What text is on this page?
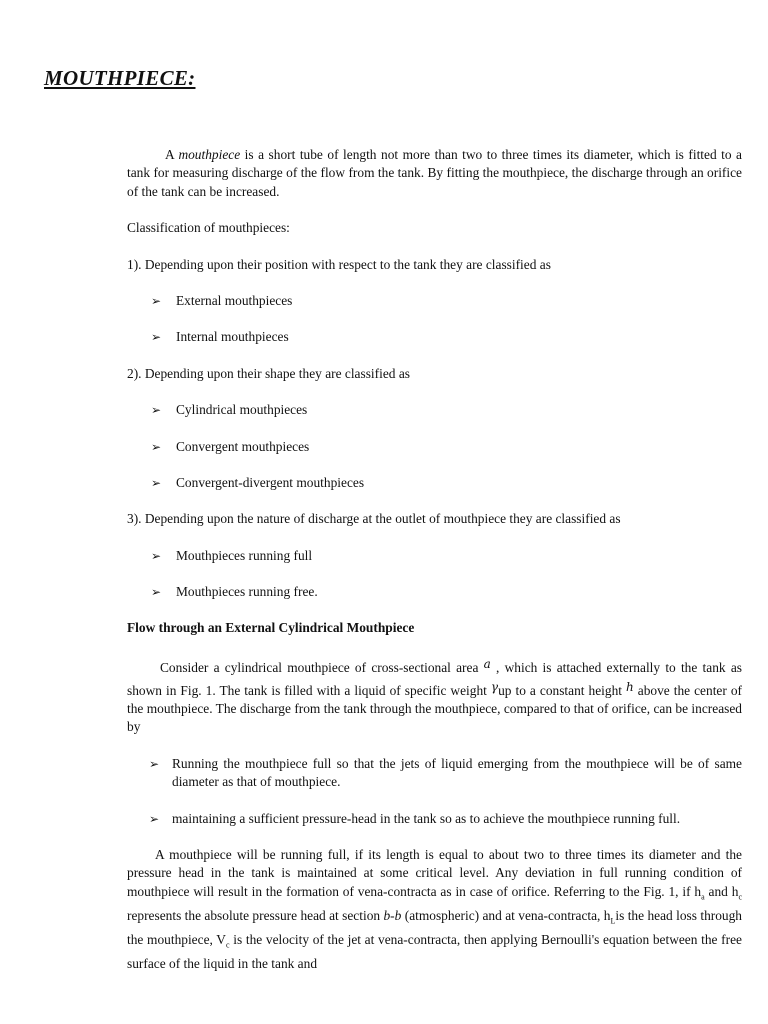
MOUTHPIECE:

A mouthpiece is a short tube of length not more than two to three times its diameter, which is fitted to a tank for measuring discharge of the flow from the tank. By fitting the mouthpiece, the discharge through an orifice of the tank can be increased.

Classification of mouthpieces:

1). Depending upon their position with respect to the tank they are classified as

➢ External mouthpieces
➢ Internal mouthpieces

2). Depending upon their shape they are classified as

➢ Cylindrical mouthpieces
➢ Convergent mouthpieces
➢ Convergent-divergent mouthpieces

3). Depending upon the nature of discharge at the outlet of mouthpiece they are classified as

➢ Mouthpieces running full
➢ Mouthpieces running free.

Flow through an External Cylindrical Mouthpiece

Consider a cylindrical mouthpiece of cross-sectional area a , which is attached externally to the tank as shown in Fig. 1. The tank is filled with a liquid of specific weight γup to a constant height h above the center of the mouthpiece. The discharge from the tank through the mouthpiece, compared to that of orifice, can be increased by

➢ Running the mouthpiece full so that the jets of liquid emerging from the mouthpiece will be of same diameter as that of mouthpiece.
➢ maintaining a sufficient pressure-head in the tank so as to achieve the mouthpiece running full.

A mouthpiece will be running full, if its length is equal to about two to three times its diameter and the pressure head in the tank is maintained at some critical level. Any deviation in full running condition of mouthpiece will result in the formation of vena-contracta as in case of orifice. Referring to the Fig. 1, if $h_a$ and $h_c$ represents the absolute pressure head at section b-b (atmospheric) and at vena-contracta, $h_Lis$ the head loss through the mouthpiece, $V_c$ is the velocity of the jet at vena-contracta, then applying Bernoulli's equation between the free surface of the liquid in the tank and
